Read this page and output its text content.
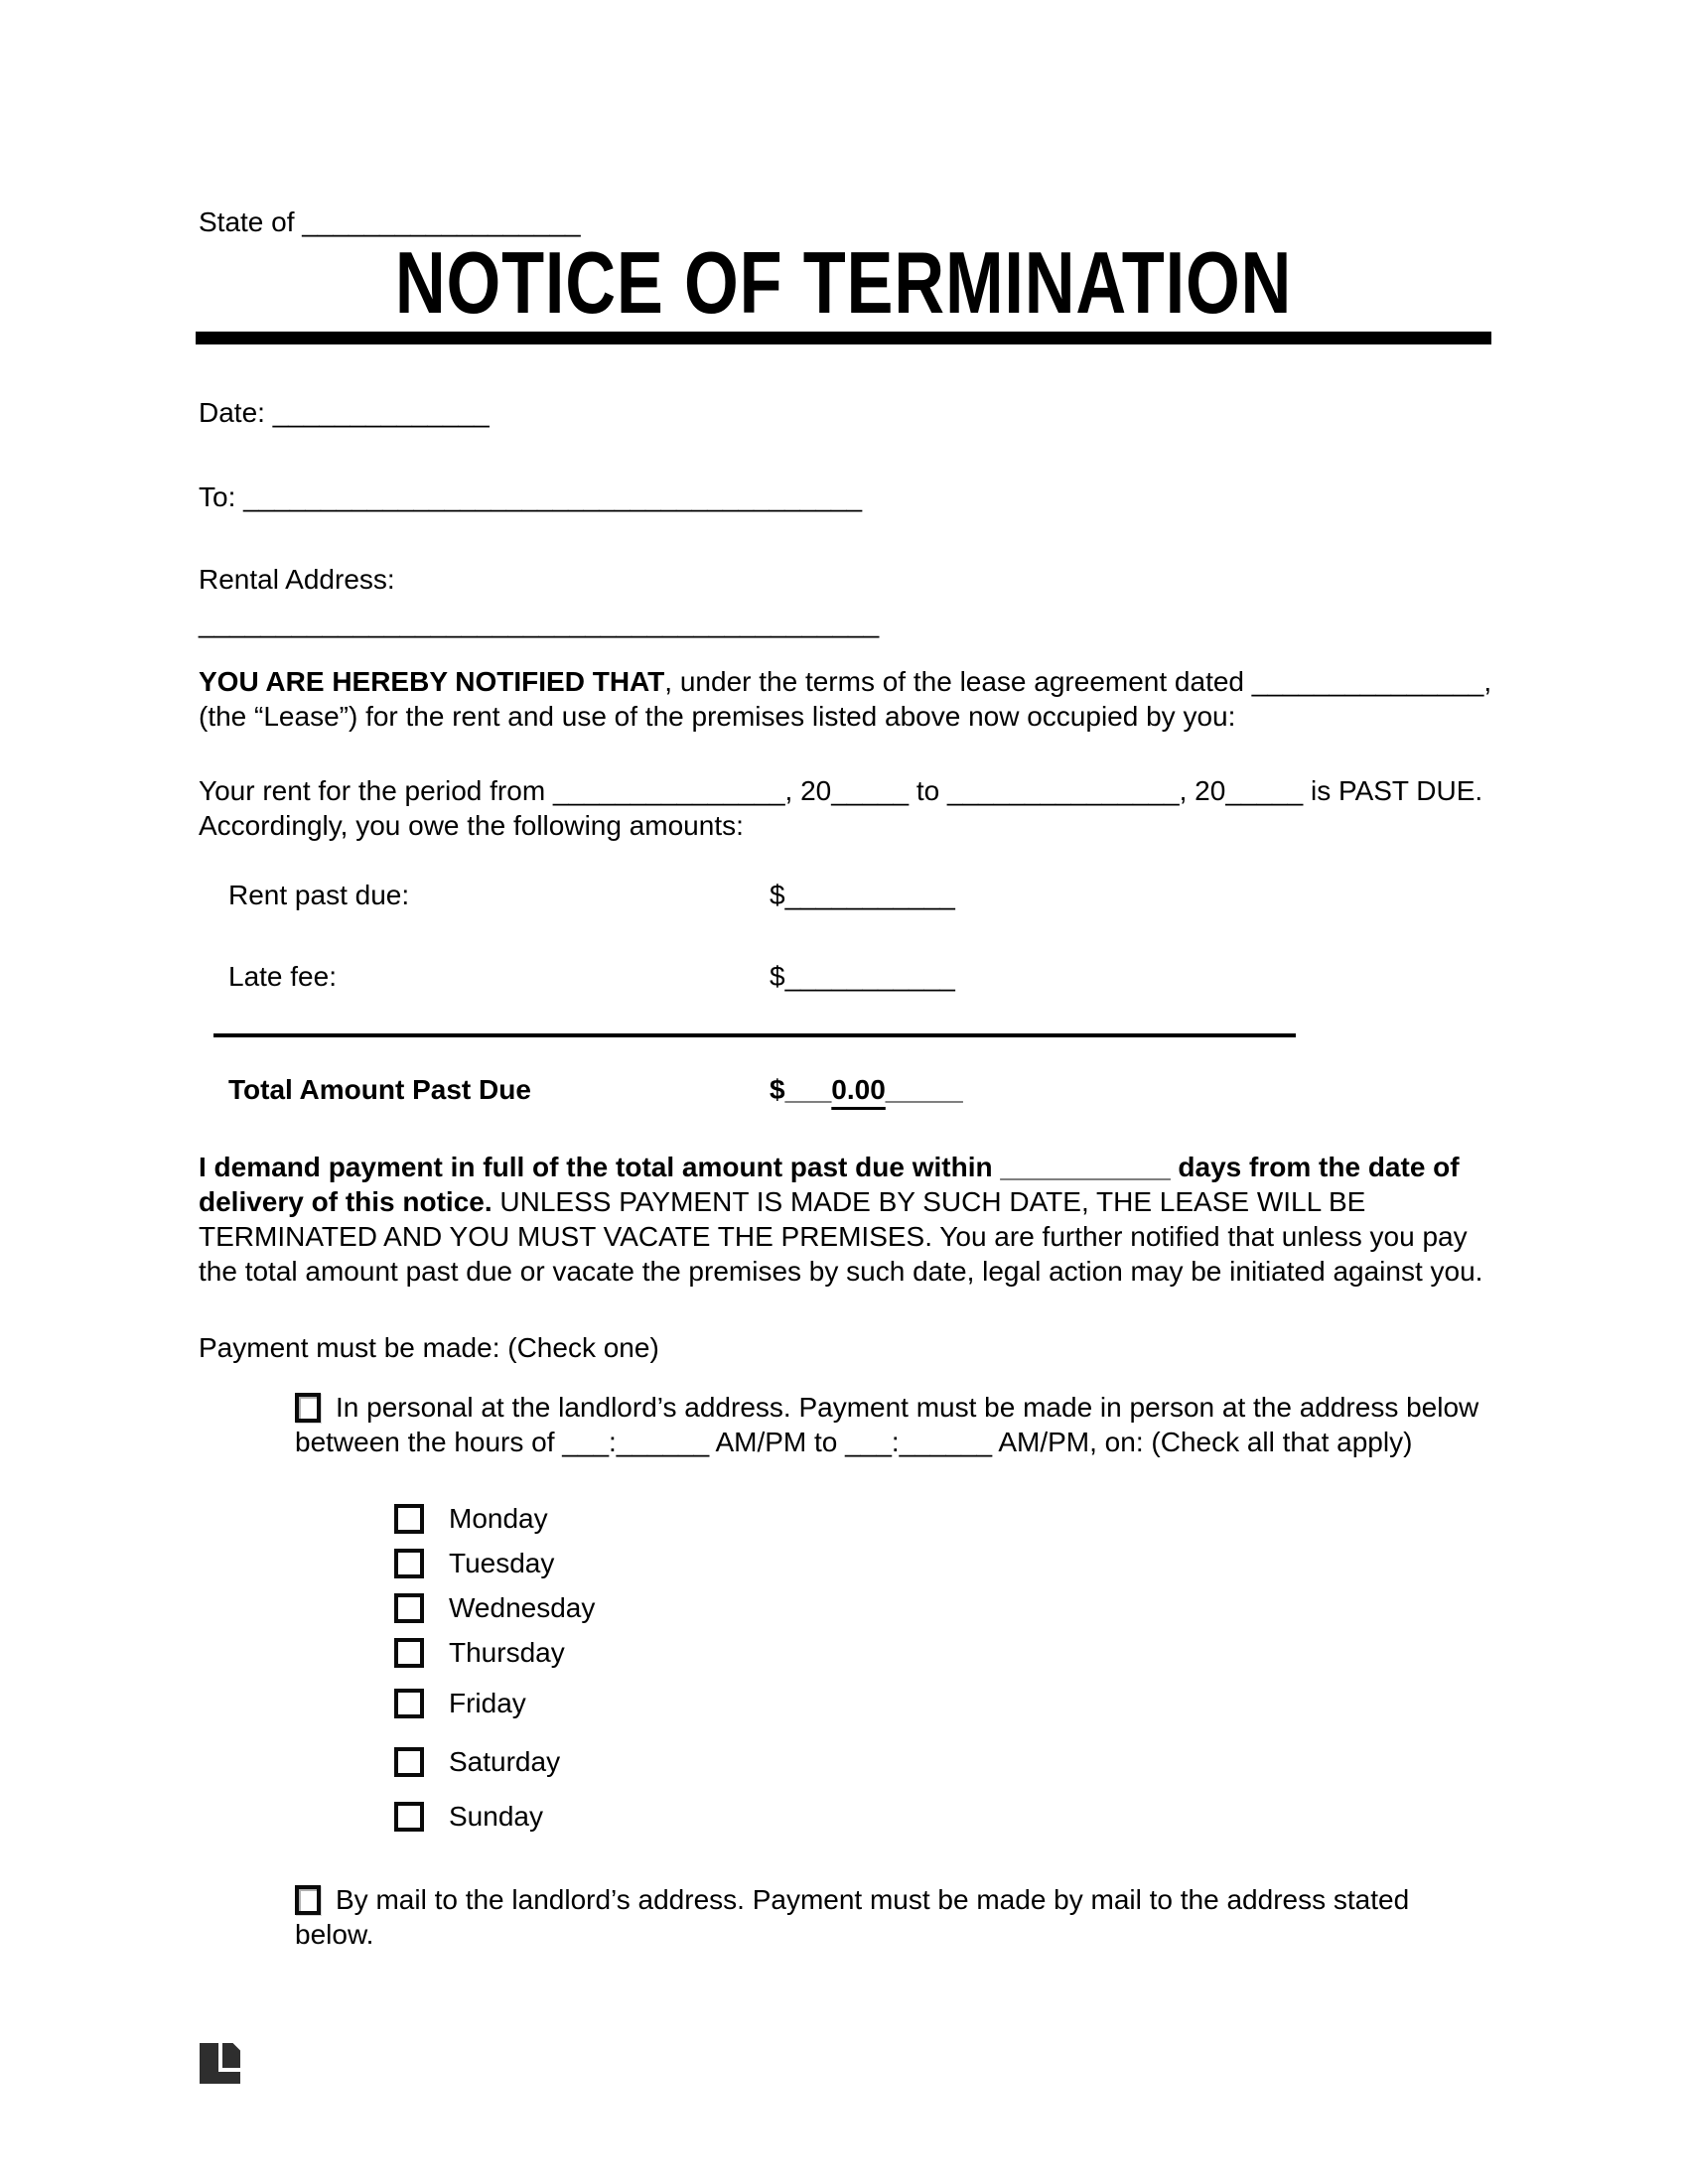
State of __________________
NOTICE OF TERMINATION
Date: ______________
To: ________________________________________
Rental Address:
____________________________________________
YOU ARE HEREBY NOTIFIED THAT, under the terms of the lease agreement dated _______________,
(the “Lease”) for the rent and use of the premises listed above now occupied by you:
Your rent for the period from _______________, 20_____ to _______________, 20_____ is PAST DUE.
Accordingly, you owe the following amounts:
Rent past due:	$___________
Late fee:	$___________
Total Amount Past Due	$___0.00_____
I demand payment in full of the total amount past due within ___________ days from the date of delivery of this notice. UNLESS PAYMENT IS MADE BY SUCH DATE, THE LEASE WILL BE TERMINATED AND YOU MUST VACATE THE PREMISES. You are further notified that unless you pay the total amount past due or vacate the premises by such date, legal action may be initiated against you.
Payment must be made: (Check one)
In personal at the landlord’s address. Payment must be made in person at the address below between the hours of ___:______ AM/PM to ___:______ AM/PM, on: (Check all that apply)
Monday
Tuesday
Wednesday
Thursday
Friday
Saturday
Sunday
By mail to the landlord’s address. Payment must be made by mail to the address stated below.
